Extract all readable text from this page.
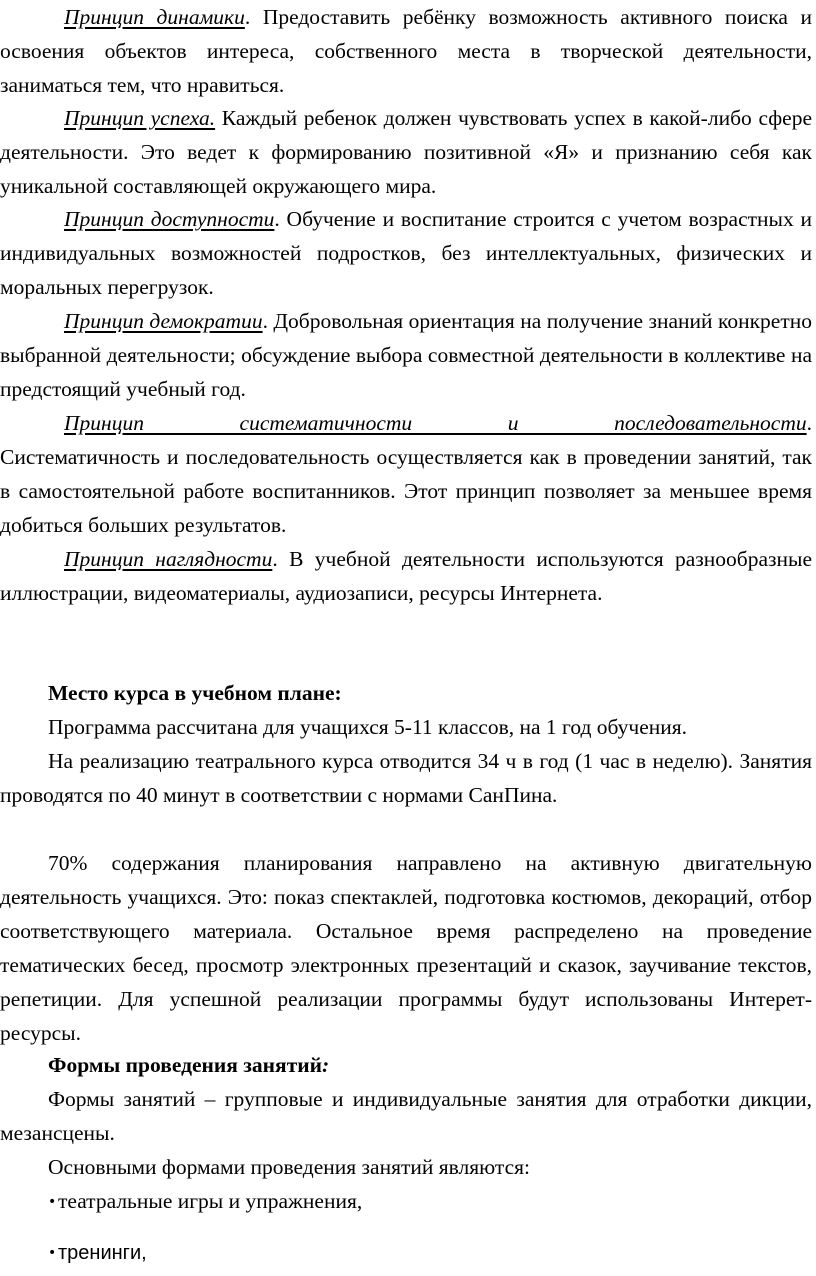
Принцип динамики. Предоставить ребёнку возможность активного поиска и освоения объектов интереса, собственного места в творческой деятельности, заниматься тем, что нравиться.

Принцип успеха. Каждый ребенок должен чувствовать успех в какой-либо сфере деятельности. Это ведет к формированию позитивной «Я» и признанию себя как уникальной составляющей окружающего мира.

Принцип доступности. Обучение и воспитание строится с учетом возрастных и индивидуальных возможностей подростков, без интеллектуальных, физических и моральных перегрузок.

Принцип демократии. Добровольная ориентация на получение знаний конкретно выбранной деятельности; обсуждение выбора совместной деятельности в коллективе на предстоящий учебный год.

Принцип систематичности и последовательности. Систематичность и последовательность осуществляется как в проведении занятий, так в самостоятельной работе воспитанников. Этот принцип позволяет за меньшее время добиться больших результатов.

Принцип наглядности. В учебной деятельности используются разнообразные иллюстрации, видеоматериалы, аудиозаписи, ресурсы Интернета.

Место курса в учебном плане:

Программа рассчитана для учащихся 5-11 классов, на 1 год обучения.

На реализацию театрального курса отводится 34 ч в год (1 час в неделю). Занятия проводятся по 40 минут в соответствии с нормами СанПина.

70% содержания планирования направлено на активную двигательную деятельность учащихся. Это: показ спектаклей, подготовка костюмов, декораций, отбор соответствующего материала. Остальное время распределено на проведение тематических бесед, просмотр электронных презентаций и сказок, заучивание текстов, репетиции. Для успешной реализации программы будут использованы Интерет-ресурсы.

Формы проведения занятий:

Формы занятий – групповые и индивидуальные занятия для отработки дикции, мезансцены.

Основными формами проведения занятий являются:

•театральные игры и упражнения,

•тренинги,
